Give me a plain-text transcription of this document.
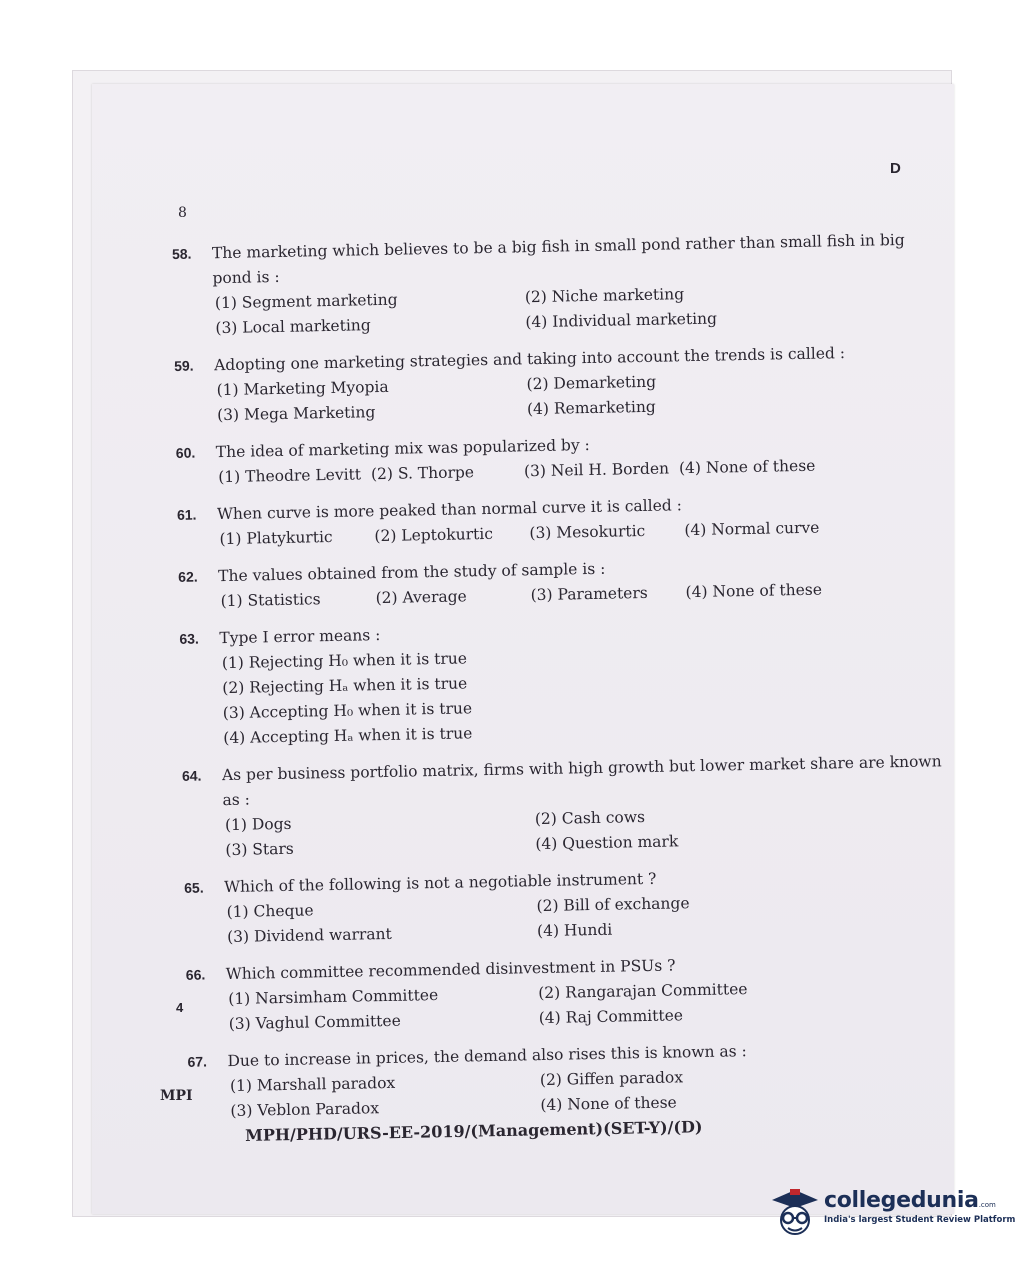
D
4
MPI
58.	The marketing which believes to be a big fish in small pond rather than small fish in big pond is :
(1) Segment marketing	(2) Niche marketing
(3) Local marketing	(4) Individual marketing
59.	Adopting one marketing strategies and taking into account the trends is called :
(1) Marketing Myopia	(2) Demarketing
(3) Mega Marketing	(4) Remarketing
60.	The idea of marketing mix was popularized by :
(1) Theodre Levitt (2) S. Thorpe	(3) Neil H. Borden (4) None of these
61.	When curve is more peaked than normal curve it is called :
(1) Platykurtic	(2) Leptokurtic	(3) Mesokurtic	(4) Normal curve
62.	The values obtained from the study of sample is :
(1) Statistics	(2) Average	(3) Parameters	(4) None of these
63.	Type I error means :
(1) Rejecting H₀ when it is true
(2) Rejecting Hₐ when it is true
(3) Accepting H₀ when it is true
(4) Accepting Hₐ when it is true
64.	As per business portfolio matrix, firms with high growth but lower market share are known as :
(1) Dogs	(2) Cash cows
(3) Stars	(4) Question mark
65.	Which of the following is not a negotiable instrument ?
(1) Cheque	(2) Bill of exchange
(3) Dividend warrant	(4) Hundi
66.	Which committee recommended disinvestment in PSUs ?
(1) Narsimham Committee	(2) Rangarajan Committee
(3) Vaghul Committee	(4) Raj Committee
67.	Due to increase in prices, the demand also rises this is known as :
(1) Marshall paradox	(2) Giffen paradox
(3) Veblon Paradox	(4) None of these
8
MPH/PHD/URS-EE-2019/(Management)(SET-Y)/(D)
collegedunia.com
India's largest Student Review Platform
